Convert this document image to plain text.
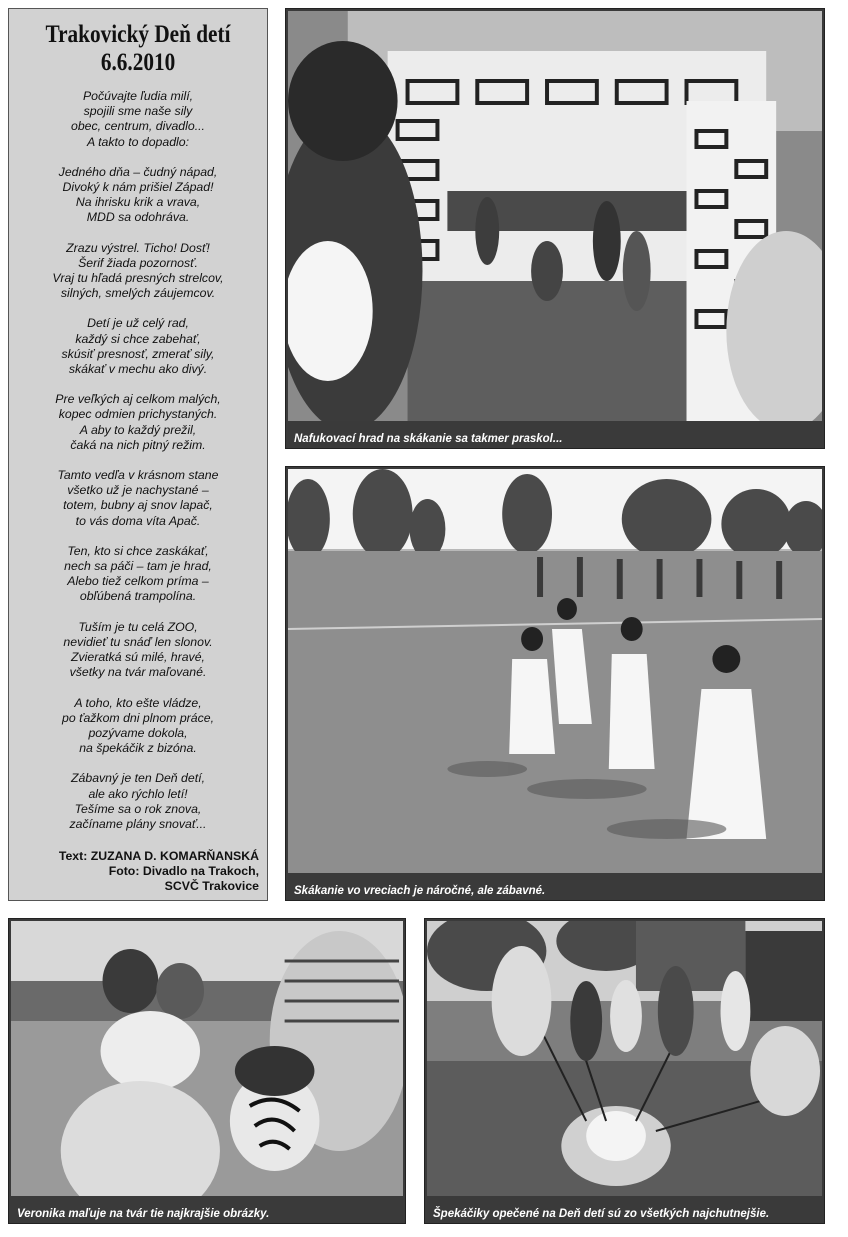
Trakovický Deň detí
6.6.2010
Počúvajte ľudia milí,
spojili sme naše sily
obec, centrum, divadlo...
A takto to dopadlo:
Jedného dňa – čudný nápad,
Divoký k nám prišiel Západ!
Na ihrisku krik a vrava,
MDD sa odohráva.
Zrazu výstrel. Ticho! Dosť!
Šerif žiada pozornosť.
Vraj tu hľadá presných strelcov,
silných, smelých záujemcov.
Detí je už celý rad,
každý si chce zabehať,
skúsiť presnosť, zmerať sily,
skákať v mechu ako divý.
Pre veľkých aj celkom malých,
kopec odmien prichystaných.
A aby to každý prežil,
čaká na nich pitný režim.
Tamto vedľa v krásnom stane
všetko už je nachystané –
totem, bubny aj snov lapač,
to vás doma víta Apač.
Ten, kto si chce zaskákať,
nech sa páči – tam je hrad,
Alebo tiež celkom príma –
obľúbená trampolína.
Tuším je tu celá ZOO,
nevidieť tu snáď len slonov.
Zvieratká sú milé, hravé,
všetky na tvár maľované.
A toho, kto ešte vládze,
po ťažkom dni plnom práce,
pozývame dokola,
na špekáčik z bizóna.
Zábavný je ten Deň detí,
ale ako rýchlo letí!
Tešíme sa o rok znova,
začíname plány snovať...
Text: ZUZANA D. KOMARŇANSKÁ
Foto: Divadlo na Trakoch,
SCVČ Trakovice
Nafukovací hrad na skákanie sa takmer praskol...
Skákanie vo vreciach je náročné, ale zábavné.
Veronika maľuje na tvár tie najkrajšie obrázky.	Špekáčiky opečené na Deň detí sú zo všetkých najchutnejšie.
